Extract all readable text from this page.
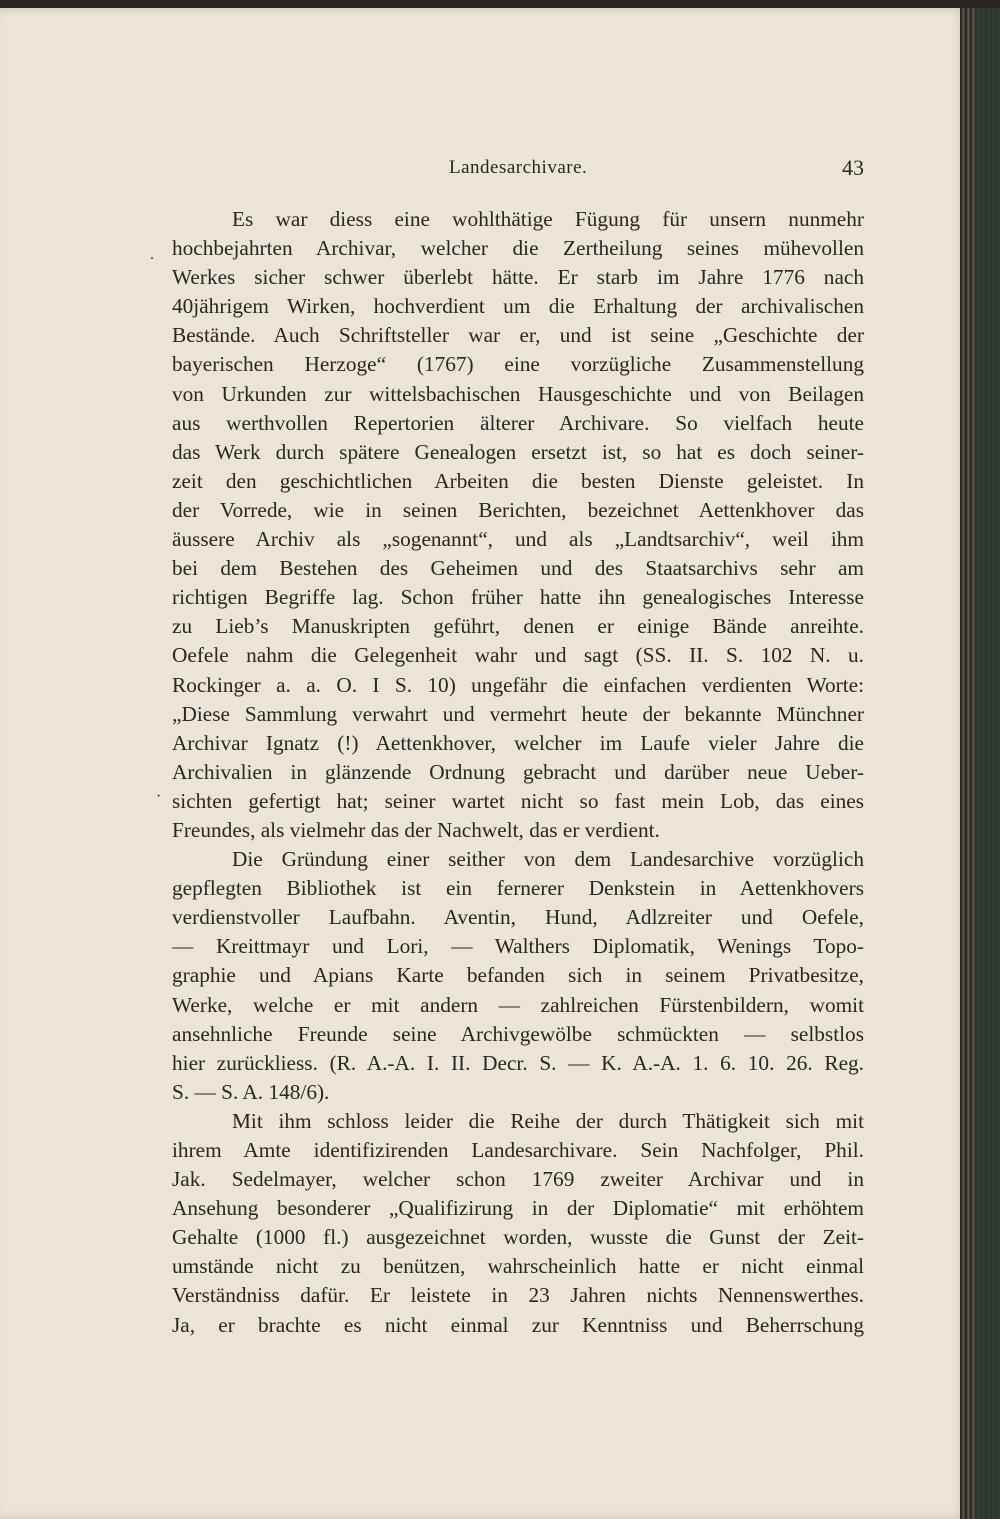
Landesarchivare.	43
.
·
Es war diess eine wohlthätige Fügung für unsern nunmehr
hochbejahrten Archivar, welcher die Zertheilung seines mühevollen
Werkes sicher schwer überlebt hätte. Er starb im Jahre 1776 nach
40jährigem Wirken, hochverdient um die Erhaltung der archivalischen
Bestände. Auch Schriftsteller war er, und ist seine „Geschichte der
bayerischen Herzoge“ (1767) eine vorzügliche Zusammenstellung
von Urkunden zur wittelsbachischen Hausgeschichte und von Beilagen
aus werthvollen Repertorien älterer Archivare. So vielfach heute
das Werk durch spätere Genealogen ersetzt ist, so hat es doch seiner-
zeit den geschichtlichen Arbeiten die besten Dienste geleistet. In
der Vorrede, wie in seinen Berichten, bezeichnet Aettenkhover das
äussere Archiv als „sogenannt“, und als „Landtsarchiv“, weil ihm
bei dem Bestehen des Geheimen und des Staatsarchivs sehr am
richtigen Begriffe lag. Schon früher hatte ihn genealogisches Interesse
zu Lieb’s Manuskripten geführt, denen er einige Bände anreihte.
Oefele nahm die Gelegenheit wahr und sagt (SS. II. S. 102 N. u.
Rockinger a. a. O. I S. 10) ungefähr die einfachen verdienten Worte:
„Diese Sammlung verwahrt und vermehrt heute der bekannte Münchner
Archivar Ignatz (!) Aettenkhover, welcher im Laufe vieler Jahre die
Archivalien in glänzende Ordnung gebracht und darüber neue Ueber-
sichten gefertigt hat; seiner wartet nicht so fast mein Lob, das eines
Freundes, als vielmehr das der Nachwelt, das er verdient.
Die Gründung einer seither von dem Landesarchive vorzüglich
gepflegten Bibliothek ist ein fernerer Denkstein in Aettenkhovers
verdienstvoller Laufbahn. Aventin, Hund, Adlzreiter und Oefele,
— Kreittmayr und Lori, — Walthers Diplomatik, Wenings Topo-
graphie und Apians Karte befanden sich in seinem Privatbesitze,
Werke, welche er mit andern — zahlreichen Fürstenbildern, womit
ansehnliche Freunde seine Archivgewölbe schmückten — selbstlos
hier zurückliess. (R. A.-A. I. II. Decr. S. — K. A.-A. 1. 6. 10. 26. Reg.
S. — S. A. 148/6).
Mit ihm schloss leider die Reihe der durch Thätigkeit sich mit
ihrem Amte identifizirenden Landesarchivare. Sein Nachfolger, Phil.
Jak. Sedelmayer, welcher schon 1769 zweiter Archivar und in
Ansehung besonderer „Qualifizirung in der Diplomatie“ mit erhöhtem
Gehalte (1000 fl.) ausgezeichnet worden, wusste die Gunst der Zeit-
umstände nicht zu benützen, wahrscheinlich hatte er nicht einmal
Verständniss dafür. Er leistete in 23 Jahren nichts Nennenswerthes.
Ja, er brachte es nicht einmal zur Kenntniss und Beherrschung
